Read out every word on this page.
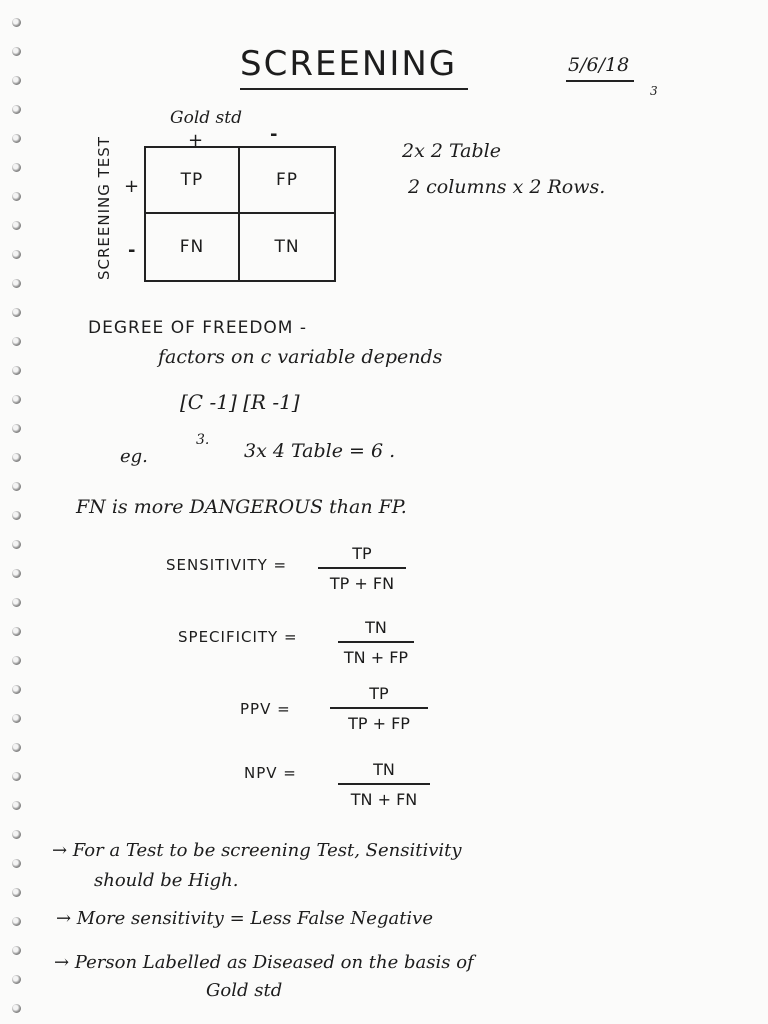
SCREENING	5/6/18
3
Gold std
+	-
SCREENING TEST +
-
TP	FP
FN	TN
2x 2 Table
2 columns x 2 Rows.
DEGREE OF FREEDOM -
factors on c variable depends
[C -1] [R -1]
eg.
3. 3x 4 Table = 6 .
FN is more DANGEROUS than FP.
SENSITIVITY =
TP
TP + FN
SPECIFICITY =	TN
TN + FP
PPV =
TP
TP + FP
NPV =	TN
TN + FN
→ For a Test to be screening Test, Sensitivity
should be High.
→ More sensitivity = Less False Negative
→ Person Labelled as Diseased on the basis of
Gold std
